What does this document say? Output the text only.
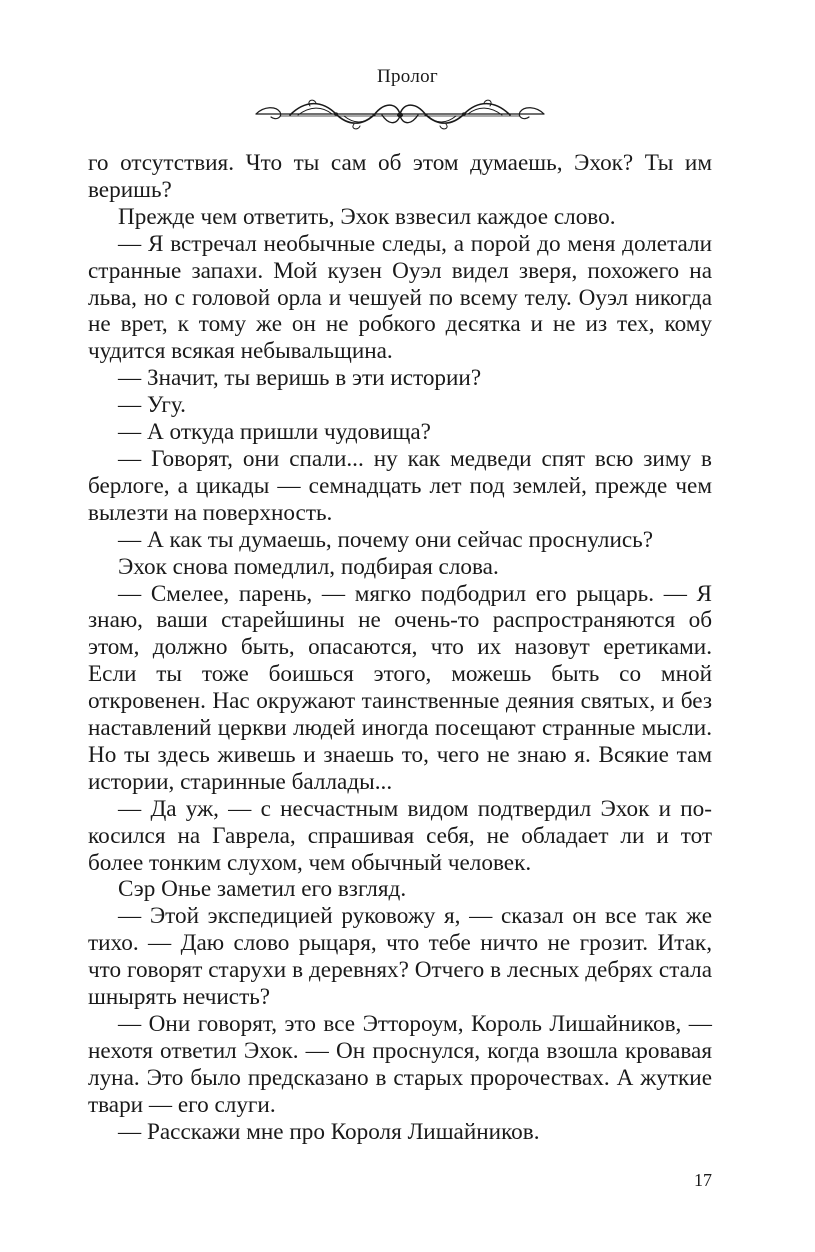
Пролог

го отсутствия. Что ты сам об этом думаешь, Эхок? Ты им веришь?

Прежде чем ответить, Эхок взвесил каждое слово.

— Я встречал необычные следы, а порой до меня долетали странные запахи. Мой кузен Оуэл видел зверя, похожего на льва, но с головой орла и чешуей по всему телу. Оуэл никогда не врет, к тому же он не робкого десятка и не из тех, кому чудится всякая небывальщина.

— Значит, ты веришь в эти истории?

— Угу.

— А откуда пришли чудовища?

— Говорят, они спали... ну как медведи спят всю зиму в берлоге, а цикады — семнадцать лет под землей, прежде чем вылезти на поверхность.

— А как ты думаешь, почему они сейчас проснулись?

Эхок снова помедлил, подбирая слова.

— Смелее, парень, — мягко подбодрил его рыцарь. — Я знаю, ваши старейшины не очень-то распространяются об этом, должно быть, опасаются, что их назовут еретиками. Если ты тоже боишься этого, можешь быть со мной откровенен. Нас окружают таинственные деяния святых, и без наставлений церкви людей иногда посещают странные мысли. Но ты здесь живешь и знаешь то, чего не знаю я. Всякие там истории, старинные баллады...

— Да уж, — с несчастным видом подтвердил Эхок и покосился на Гаврела, спрашивая себя, не обладает ли и тот более тонким слухом, чем обычный человек.

Сэр Онье заметил его взгляд.

— Этой экспедицией руковожу я, — сказал он все так же тихо. — Даю слово рыцаря, что тебе ничто не грозит. Итак, что говорят старухи в деревнях? Отчего в лесных дебрях стала шнырять нечисть?

— Они говорят, это все Эттороум, Король Лишайников, — нехотя ответил Эхок. — Он проснулся, когда взошла кровавая луна. Это было предсказано в старых пророчествах. А жуткие твари — его слуги.

— Расскажи мне про Короля Лишайников.

17
